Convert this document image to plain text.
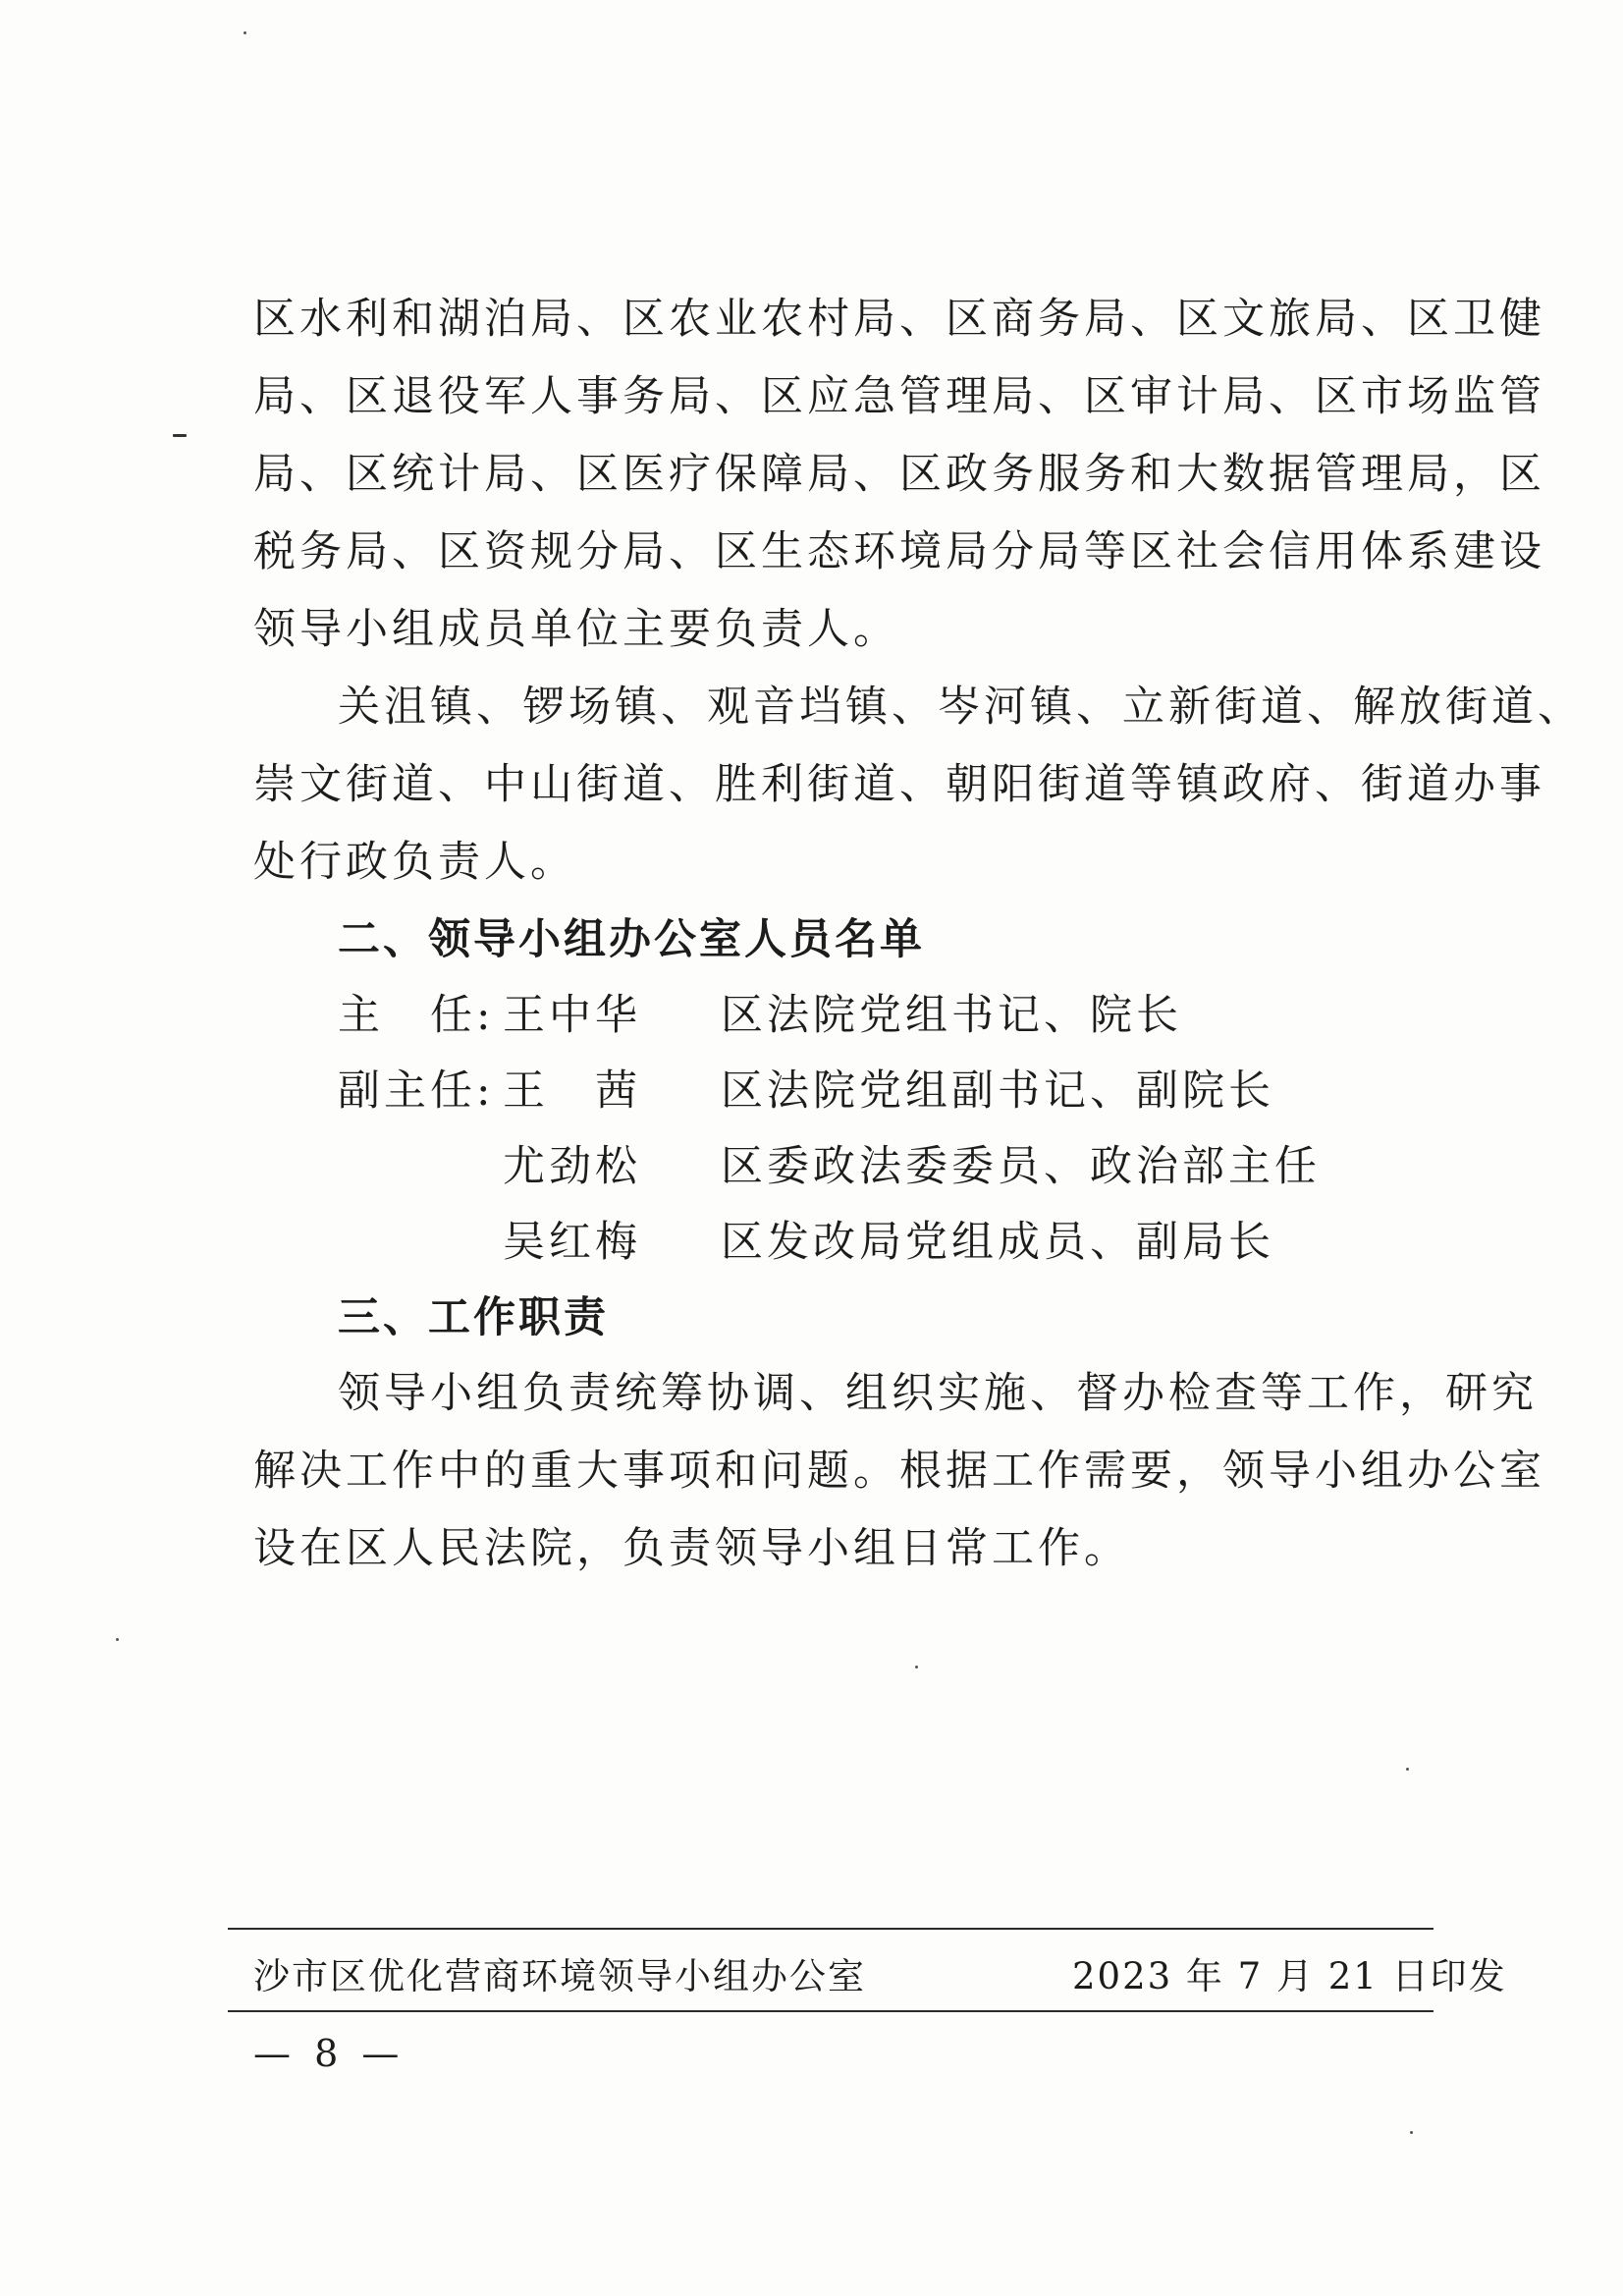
区水利和湖泊局、区农业农村局、区商务局、区文旅局、区卫健
局、区退役军人事务局、区应急管理局、区审计局、区市场监管
局、区统计局、区医疗保障局、区政务服务和大数据管理局，区
税务局、区资规分局、区生态环境局分局等区社会信用体系建设
领导小组成员单位主要负责人。
关沮镇、锣场镇、观音垱镇、岑河镇、立新街道、解放街道、
崇文街道、中山街道、胜利街道、朝阳街道等镇政府、街道办事
处行政负责人。
二、领导小组办公室人员名单
主　任: 王中华 区法院党组书记、院长
副主任: 王　茜 区法院党组副书记、副院长
尤劲松 区委政法委委员、政治部主任
吴红梅 区发改局党组成员、副局长
三、工作职责
领导小组负责统筹协调、组织实施、督办检查等工作，研究
解决工作中的重大事项和问题。根据工作需要，领导小组办公室
设在区人民法院，负责领导小组日常工作。
沙市区优化营商环境领导小组办公室	2023 年 7 月 21 日印发
— 8 —
